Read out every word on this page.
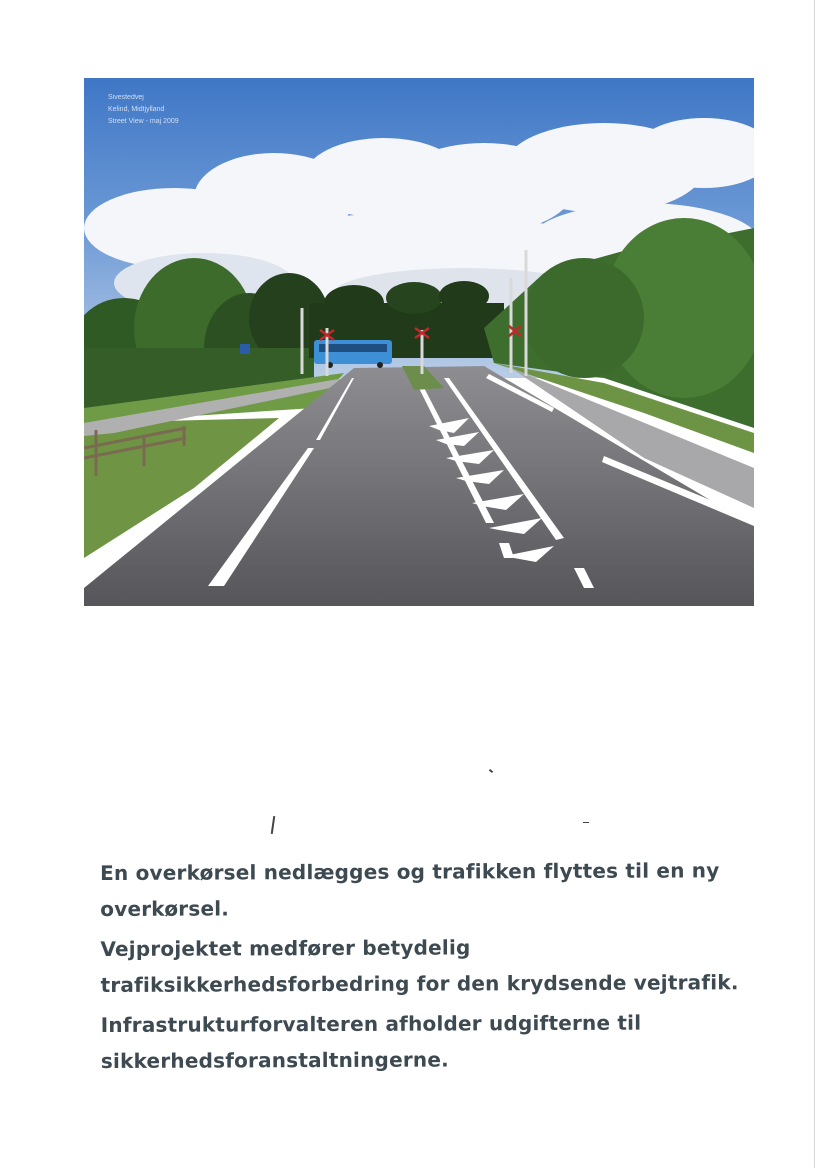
Sivestedvej
Kelind, Midtjylland
Street View - maj 2009

En overkørsel nedlægges og trafikken flyttes til en ny overkørsel.

Vejprojektet medfører betydelig trafiksikkerhedsforbedring for den krydsende vejtrafik.

Infrastrukturforvalteren afholder udgifterne til sikkerhedsforanstaltningerne.
